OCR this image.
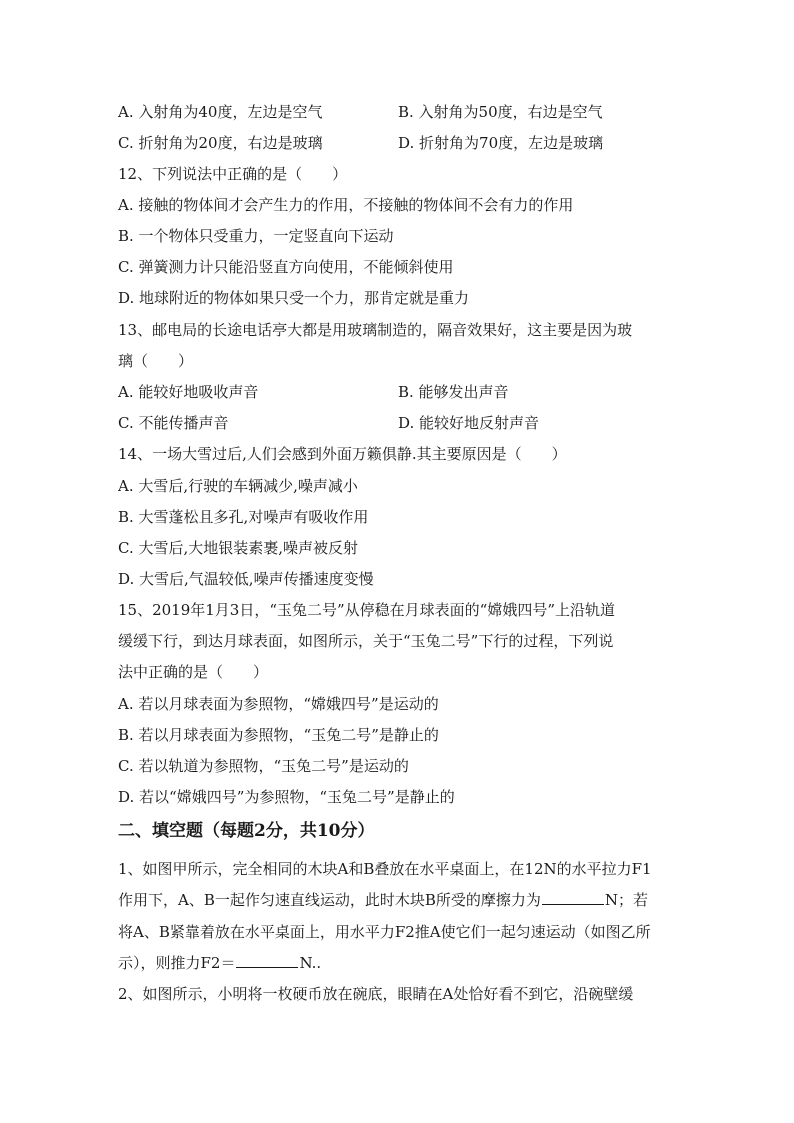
A. 入射角为40度，左边是空气	B. 入射角为50度，右边是空气
C. 折射角为20度，右边是玻璃	D. 折射角为70度，左边是玻璃
12、下列说法中正确的是（　　）
A. 接触的物体间才会产生力的作用，不接触的物体间不会有力的作用
B. 一个物体只受重力，一定竖直向下运动
C. 弹簧测力计只能沿竖直方向使用，不能倾斜使用
D. 地球附近的物体如果只受一个力，那肯定就是重力
13、邮电局的长途电话亭大都是用玻璃制造的，隔音效果好，这主要是因为玻
璃（　　）
A. 能较好地吸收声音	B. 能够发出声音
C. 不能传播声音	D. 能较好地反射声音
14、一场大雪过后,人们会感到外面万籁俱静.其主要原因是（　　）
A. 大雪后,行驶的车辆减少,噪声减小
B. 大雪蓬松且多孔,对噪声有吸收作用
C. 大雪后,大地银装素裹,噪声被反射
D. 大雪后,气温较低,噪声传播速度变慢
15、2019年1月3日，“玉兔二号”从停稳在月球表面的“嫦娥四号”上沿轨道
缓缓下行，到达月球表面，如图所示，关于“玉兔二号”下行的过程，下列说
法中正确的是（　　）
A. 若以月球表面为参照物，“嫦娥四号”是运动的
B. 若以月球表面为参照物，“玉兔二号”是静止的
C. 若以轨道为参照物，“玉兔二号”是运动的
D. 若以“嫦娥四号”为参照物，“玉兔二号”是静止的
二、填空题（每题2分，共10分）
1、如图甲所示，完全相同的木块A和B叠放在水平桌面上，在12N的水平拉力F1
作用下，A、B一起作匀速直线运动，此时木块B所受的摩擦力为	N；若
将A、B紧靠着放在水平桌面上，用水平力F2推A使它们一起匀速运动（如图乙所
示），则推力F2＝	N..
2、如图所示，小明将一枚硬币放在碗底，眼睛在A处恰好看不到它，沿碗壁缓
